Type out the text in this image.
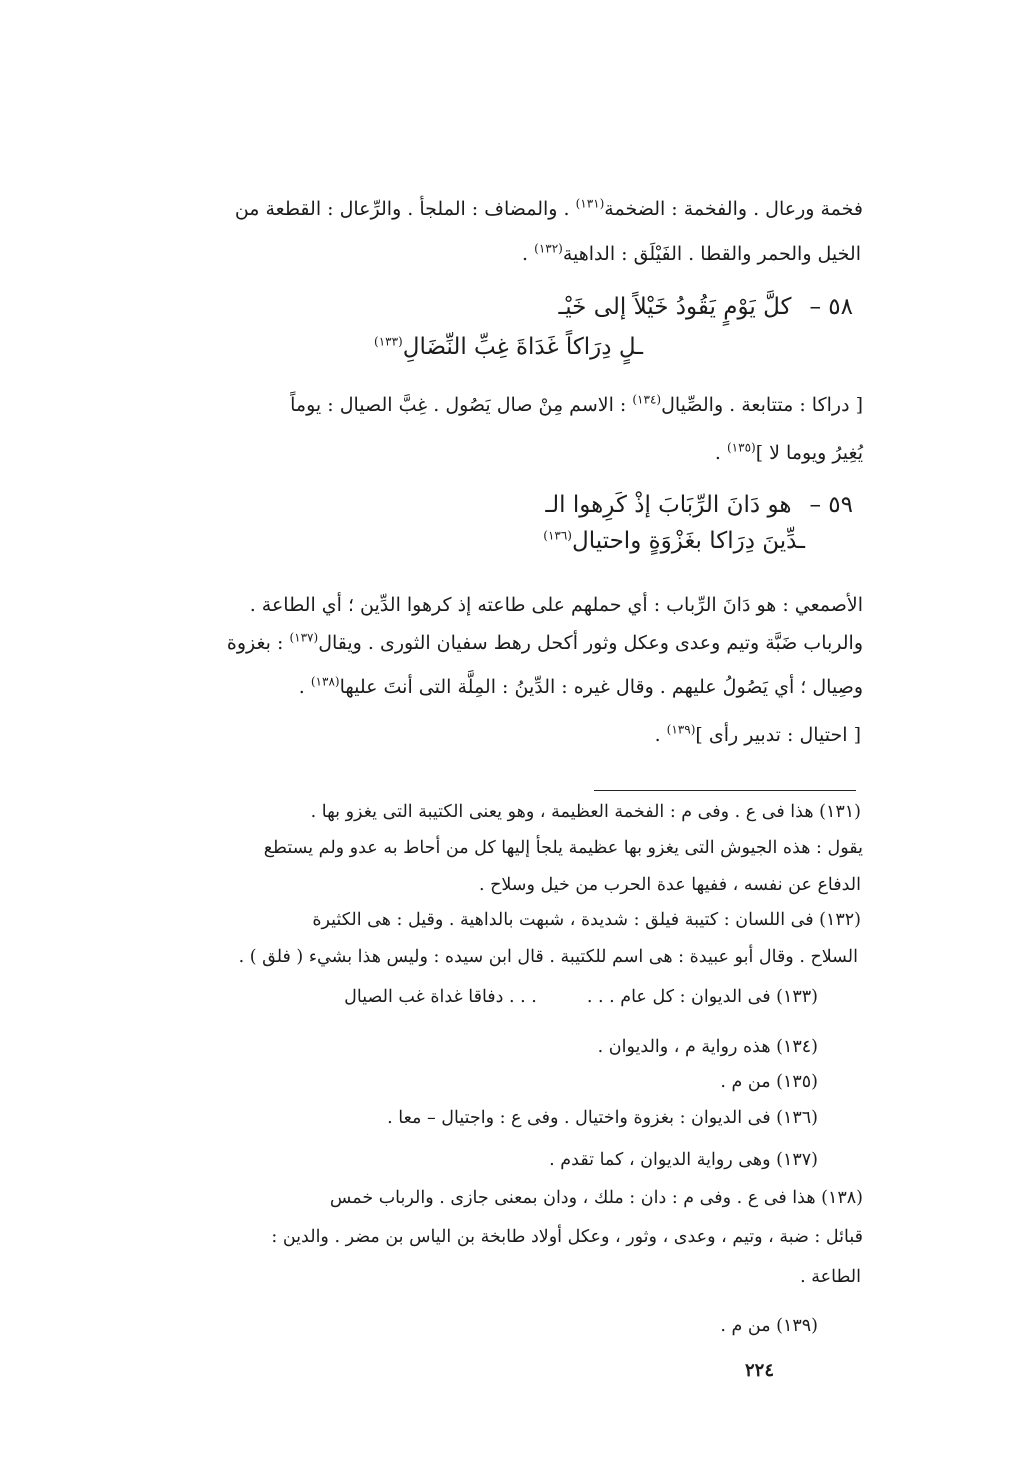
فخمة ورعال . والفخمة : الضخمة$^{(١٣١)}$ . والمضاف : الملجأ . والرِّعال : القطعة من
الخيل والحمر والقطا . الفَيْلَق : الداهية$^{(١٣٢)}$ .
٥٨ –كلَّ يَوْمٍ يَقُودُ خَيْلاً إلى خَيْـ
ـلٍ دِرَاكاً غَدَاةَ غِبِّ النِّضَالِ$^{(١٣٣)}$
[ دراكا : متتابعة . والصِّيال$^{(١٣٤)}$ : الاسم مِنْ صال يَصُول . غِبَّ الصيال : يوماً
يُغِيرُ ويوما لا ]$^{(١٣٥)}$ .
٥٩ –هو دَانَ الرِّبَابَ إذْ كَرِهوا الـ
ـدِّينَ دِرَاكا بغَزْوَةٍ واحتيال$^{(١٣٦)}$
الأصمعي : هو دَانَ الرِّباب : أي حملهم على طاعته إذ كرهوا الدِّين ؛ أي الطاعة .
والرباب ضَبَّة وتيم وعدى وعكل وثور أكحل رهط سفيان الثورى . ويقال$^{(١٣٧)}$ : بغزوة
وصِيال ؛ أي يَصُولُ عليهم . وقال غيره : الدِّينُ : المِلَّة التى أنتَ عليها$^{(١٣٨)}$ .
[ احتيال : تدبير رأى ]$^{(١٣٩)}$ .
(١٣١) هذا فى ع . وفى م : الفخمة العظيمة ، وهو يعنى الكتيبة التى يغزو بها .
يقول : هذه الجيوش التى يغزو بها عظيمة يلجأ إليها كل من أحاط به عدو ولم يستطع
الدفاع عن نفسه ، ففيها عدة الحرب من خيل وسلاح .
(١٣٢) فى اللسان : كتيبة فيلق : شديدة ، شبهت بالداهية . وقيل : هى الكثيرة
السلاح . وقال أبو عبيدة : هى اسم للكتيبة . قال ابن سيده : وليس هذا بشيء ( فلق ) .
(١٣٣) فى الديوان : كل عام . . .         . . . دفاقا غداة غب الصيال
(١٣٤) هذه رواية م ، والديوان .
(١٣٥) من م .
(١٣٦) فى الديوان : بغزوة واختيال . وفى ع : واجتيال – معا .
(١٣٧) وهى رواية الديوان ، كما تقدم .
(١٣٨) هذا فى ع . وفى م : دان : ملك ، ودان بمعنى جازى . والرباب خمس
قبائل : ضبة ، وتيم ، وعدى ، وثور ، وعكل أولاد طابخة بن الياس بن مضر . والدين :
الطاعة .
(١٣٩) من م .
٢٢٤
